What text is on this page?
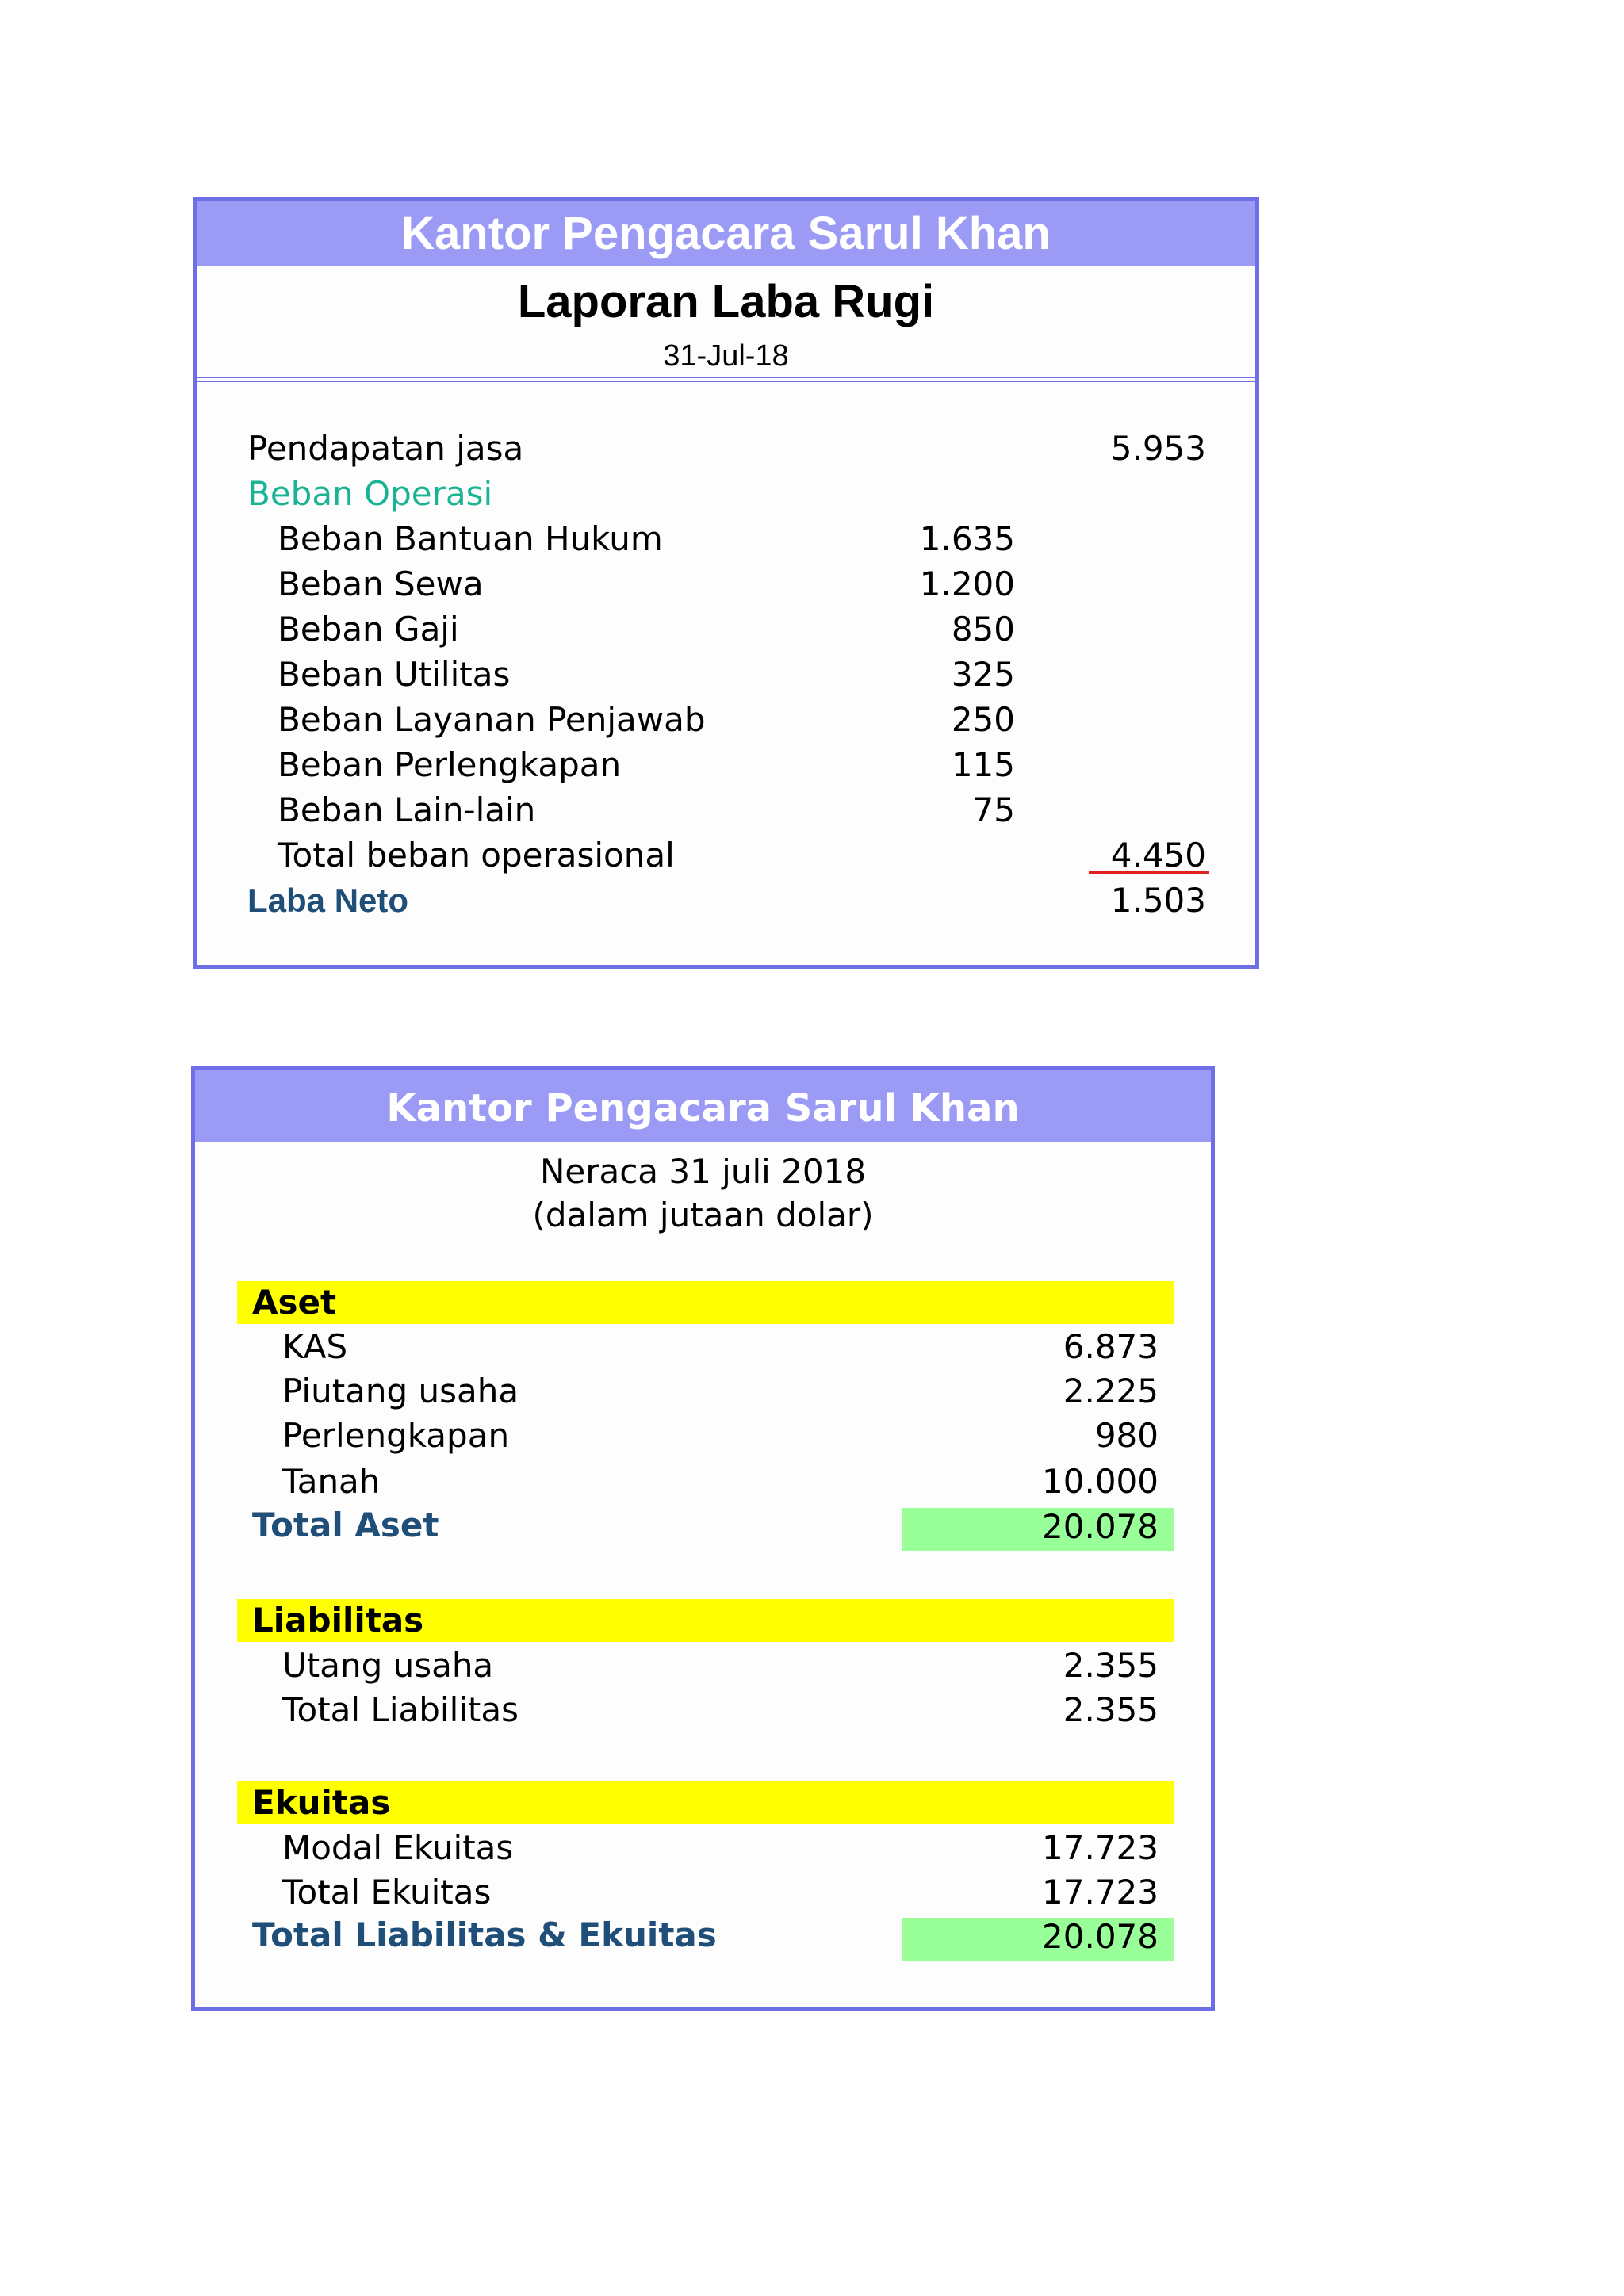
Kantor Pengacara Sarul Khan
Laporan Laba Rugi
31-Jul-18
Pendapatan jasa	5.953
Beban Operasi
Beban Bantuan Hukum	1.635
Beban Sewa	1.200
Beban Gaji	850
Beban Utilitas	325
Beban Layanan Penjawab	250
Beban Perlengkapan	115
Beban Lain-lain	75
Total beban operasional	4.450
Laba Neto	1.503
Kantor Pengacara Sarul Khan
Neraca 31 juli 2018
(dalam jutaan dolar)
Aset
KAS	6.873
Piutang usaha	2.225
Perlengkapan	980
Tanah	10.000
Total Aset	20.078
Liabilitas
Utang usaha	2.355
Total Liabilitas	2.355
Ekuitas
Modal Ekuitas	17.723
Total Ekuitas	17.723
Total Liabilitas & Ekuitas	20.078
